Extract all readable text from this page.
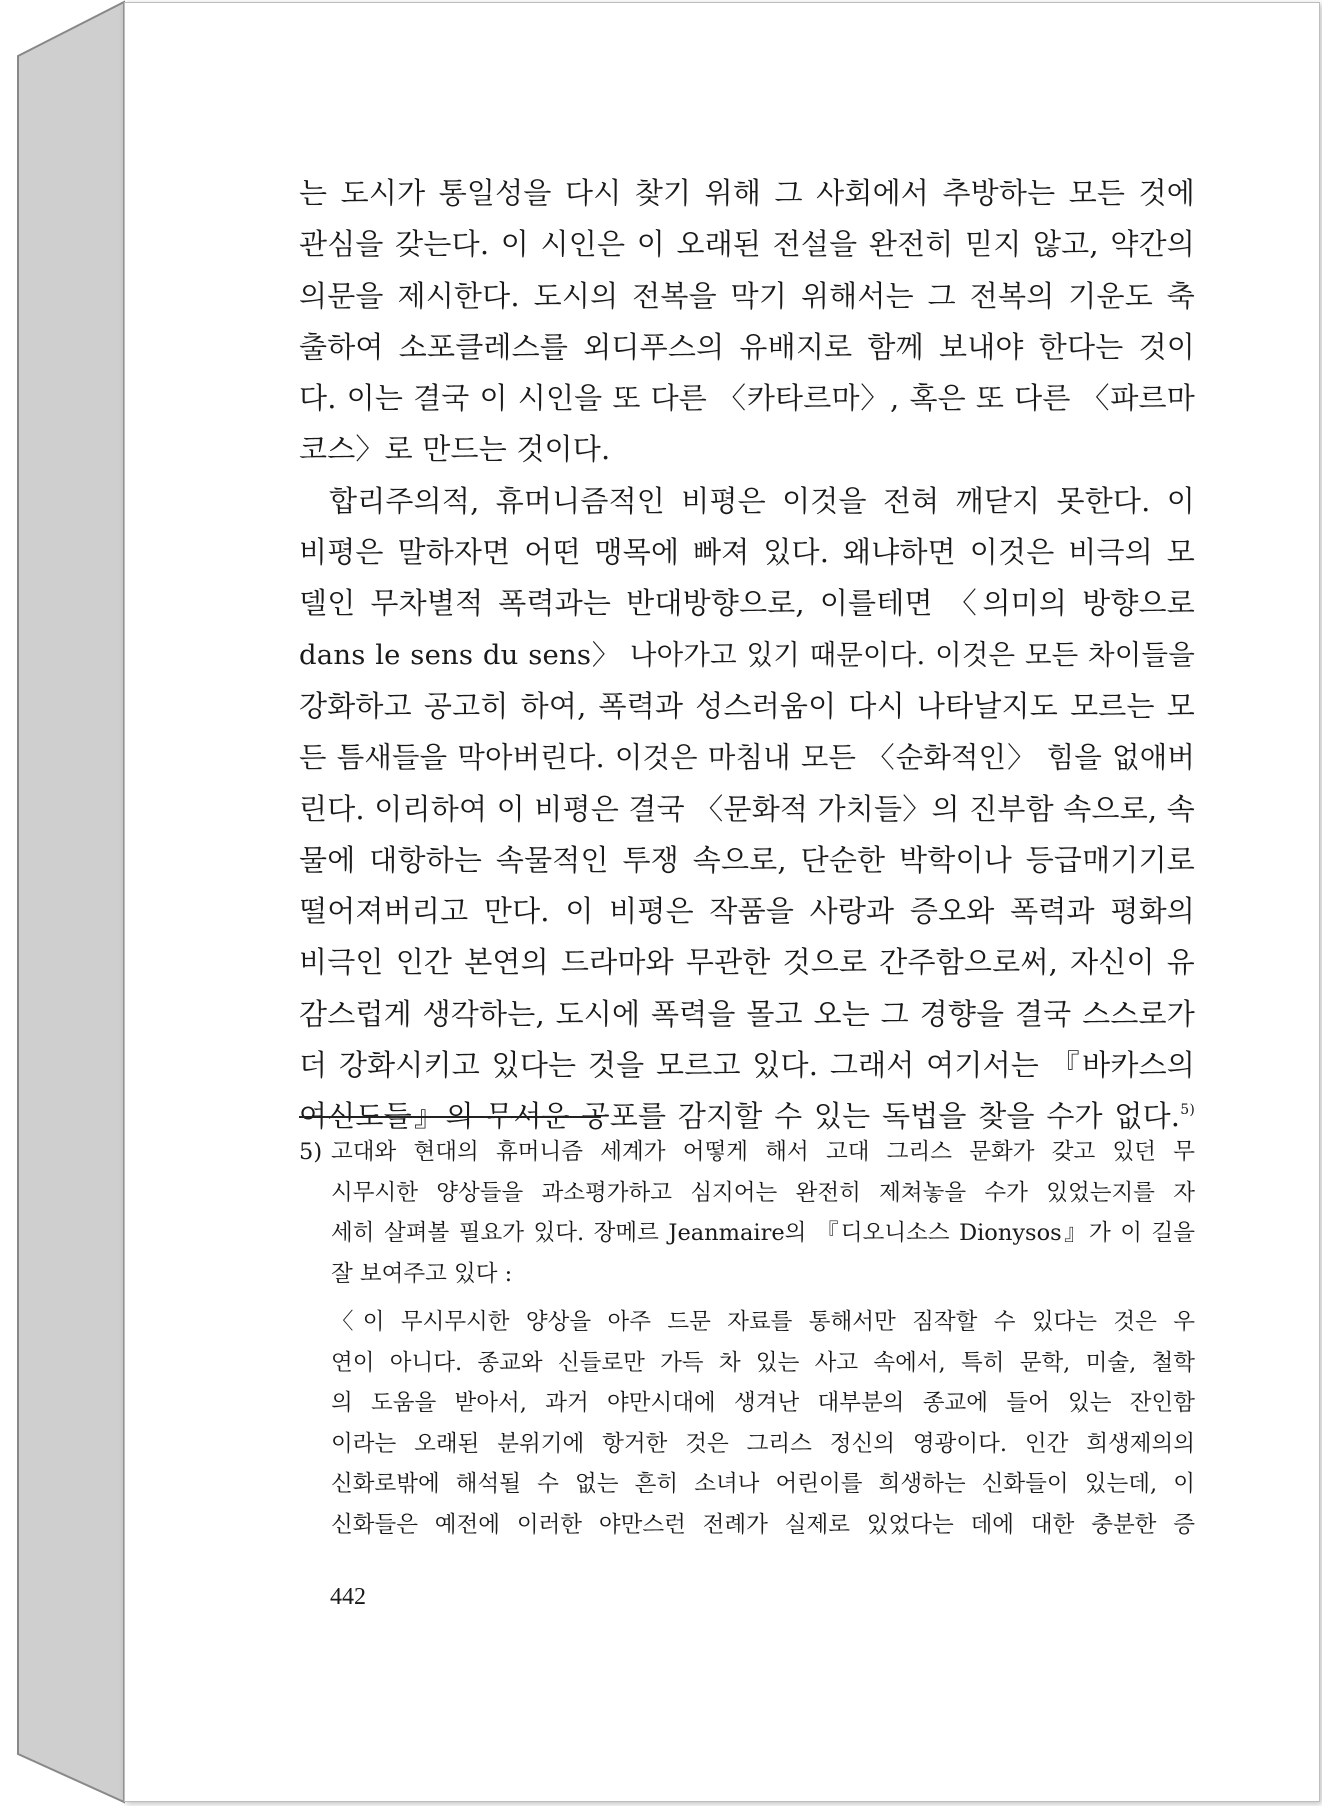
는 도시가 통일성을 다시 찾기 위해 그 사회에서 추방하는 모든 것에
관심을 갖는다. 이 시인은 이 오래된 전설을 완전히 믿지 않고, 약간의
의문을 제시한다. 도시의 전복을 막기 위해서는 그 전복의 기운도 축
출하여 소포클레스를 외디푸스의 유배지로 함께 보내야 한다는 것이
다. 이는 결국 이 시인을 또 다른 〈카타르마〉, 혹은 또 다른 〈파르마
코스〉로 만드는 것이다.
합리주의적, 휴머니즘적인 비평은 이것을 전혀 깨닫지 못한다. 이
비평은 말하자면 어떤 맹목에 빠져 있다. 왜냐하면 이것은 비극의 모
델인 무차별적 폭력과는 반대방향으로, 이를테면 〈의미의 방향으로
dans le sens du sens〉 나아가고 있기 때문이다. 이것은 모든 차이들을
강화하고 공고히 하여, 폭력과 성스러움이 다시 나타날지도 모르는 모
든 틈새들을 막아버린다. 이것은 마침내 모든 〈순화적인〉 힘을 없애버
린다. 이리하여 이 비평은 결국 〈문화적 가치들〉의 진부함 속으로, 속
물에 대항하는 속물적인 투쟁 속으로, 단순한 박학이나 등급매기기로
떨어져버리고 만다. 이 비평은 작품을 사랑과 증오와 폭력과 평화의
비극인 인간 본연의 드라마와 무관한 것으로 간주함으로써, 자신이 유
감스럽게 생각하는, 도시에 폭력을 몰고 오는 그 경향을 결국 스스로가
더 강화시키고 있다는 것을 모르고 있다. 그래서 여기서는 『바카스의
여신도들』의 무서운 공포를 감지할 수 있는 독법을 찾을 수가 없다.$^{5)}$
5) 고대와 현대의 휴머니즘 세계가 어떻게 해서 고대 그리스 문화가 갖고 있던 무
시무시한 양상들을 과소평가하고 심지어는 완전히 제쳐놓을 수가 있었는지를 자
세히 살펴볼 필요가 있다. 장메르 Jeanmaire의 『디오니소스 Dionysos』가 이 길을
잘 보여주고 있다 :
〈이 무시무시한 양상을 아주 드문 자료를 통해서만 짐작할 수 있다는 것은 우
연이 아니다. 종교와 신들로만 가득 차 있는 사고 속에서, 특히 문학, 미술, 철학
의 도움을 받아서, 과거 야만시대에 생겨난 대부분의 종교에 들어 있는 잔인함
이라는 오래된 분위기에 항거한 것은 그리스 정신의 영광이다. 인간 희생제의의
신화로밖에 해석될 수 없는 흔히 소녀나 어린이를 희생하는 신화들이 있는데, 이
신화들은 예전에 이러한 야만스런 전례가 실제로 있었다는 데에 대한 충분한 증
442
